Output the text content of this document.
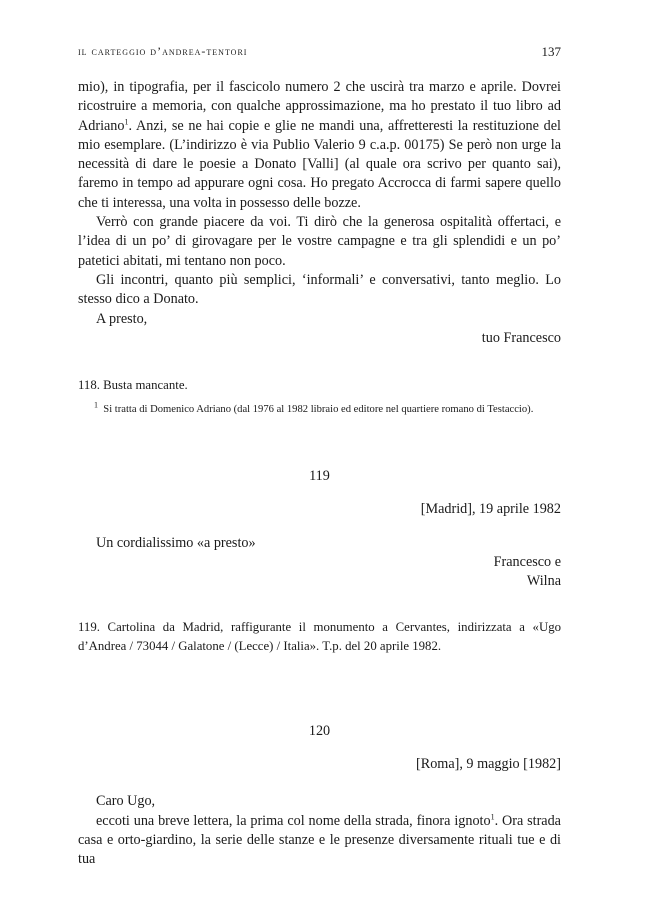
il carteggio d’andrea-tentori	137

mio), in tipografia, per il fascicolo numero 2 che uscirà tra marzo e aprile. Dovrei ricostruire a memoria, con qualche approssimazione, ma ho prestato il tuo libro ad Adriano$^1$. Anzi, se ne hai copie e glie ne mandi una, affretteresti la restituzione del mio esemplare. (L’indirizzo è via Publio Valerio 9 c.a.p. 00175) Se però non urge la necessità di dare le poesie a Donato [Valli] (al quale ora scrivo per quanto sai), faremo in tempo ad appurare ogni cosa. Ho pregato Accrocca di farmi sapere quello che ti interessa, una volta in possesso delle bozze.

Verrò con grande piacere da voi. Ti dirò che la generosa ospitalità offertaci, e l’idea di un po’ di girovagare per le vostre campagne e tra gli splendidi e un po’ patetici abitati, mi tentano non poco.

Gli incontri, quanto più semplici, ‘informali’ e conversativi, tanto meglio. Lo stesso dico a Donato.

A presto,

tuo Francesco

118. Busta mancante.

$^1$ Si tratta di Domenico Adriano (dal 1976 al 1982 libraio ed editore nel quartiere romano di Testaccio).

119

[Madrid], 19 aprile 1982

Un cordialissimo «a presto»

Francesco e

Wilna

119. Cartolina da Madrid, raffigurante il monumento a Cervantes, indirizzata a «Ugo d’Andrea / 73044 / Galatone / (Lecce) / Italia». T.p. del 20 aprile 1982.

120

[Roma], 9 maggio [1982]

Caro Ugo,

eccoti una breve lettera, la prima col nome della strada, finora ignoto$^1$. Ora strada casa e orto-giardino, la serie delle stanze e le presenze diversamente rituali tue e di tua
